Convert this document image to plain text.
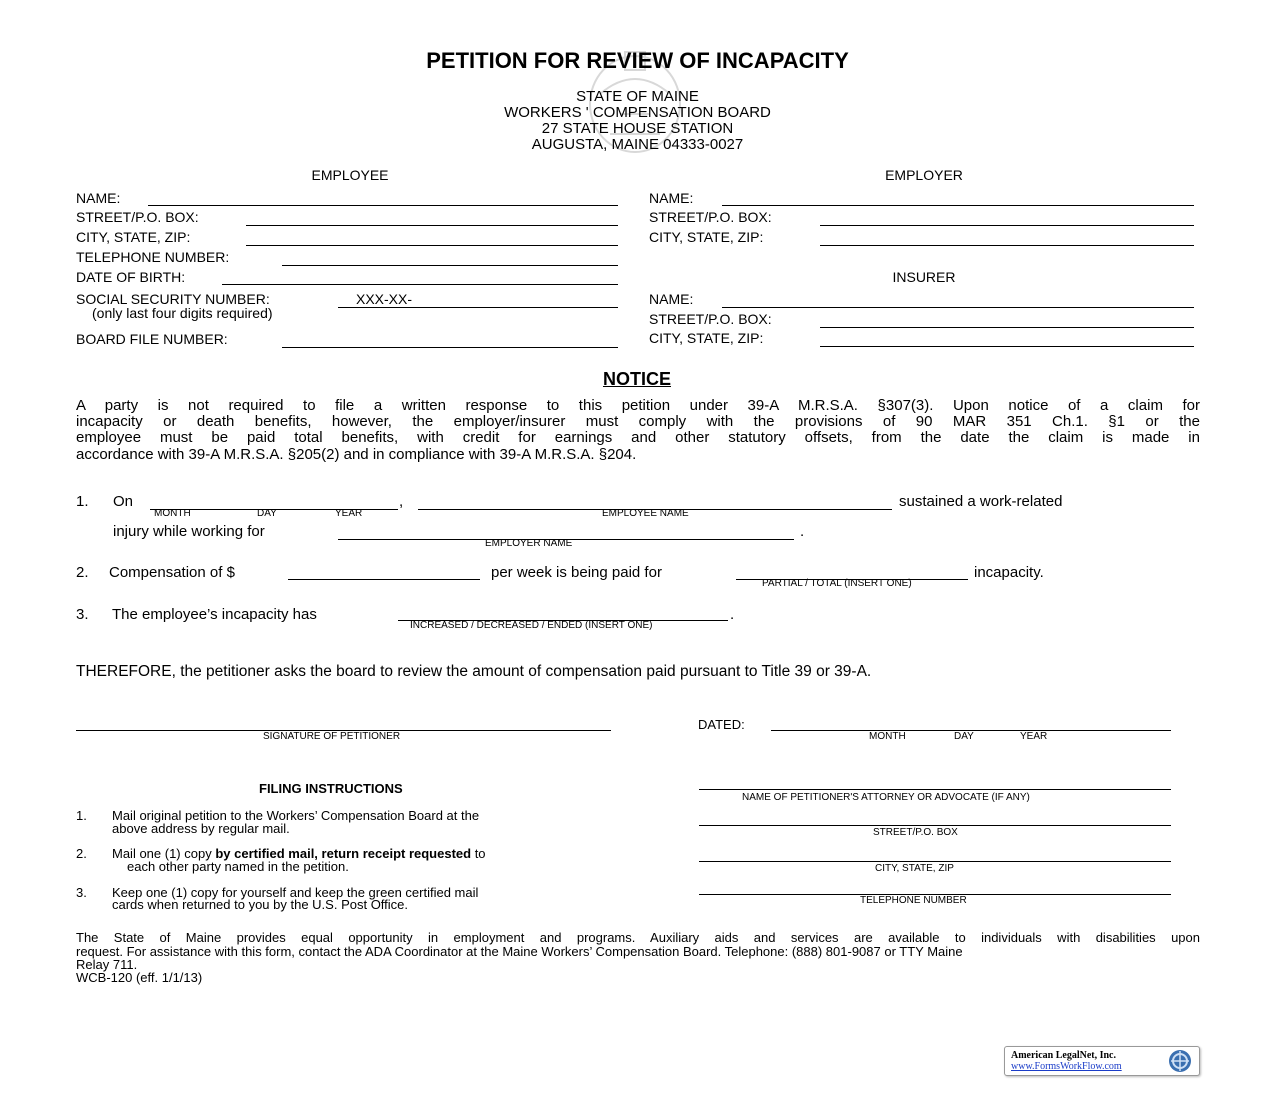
PETITION FOR REVIEW OF INCAPACITY
STATE OF MAINE
WORKERS ' COMPENSATION BOARD
27 STATE HOUSE STATION
AUGUSTA, MAINE 04333-0027
EMPLOYEE
NAME:
STREET/P.O. BOX:
CITY, STATE, ZIP:
TELEPHONE NUMBER:
DATE OF BIRTH:
SOCIAL SECURITY NUMBER:	XXX-XX-
(only last four digits required)
BOARD FILE NUMBER:
EMPLOYER
NAME:
STREET/P.O. BOX:
CITY, STATE, ZIP:
INSURER
NAME:
STREET/P.O. BOX:
CITY, STATE, ZIP:
NOTICE
A party is not required to file a written response to this petition under 39-A M.R.S.A. §307(3). Upon notice of a claim for
incapacity or death benefits, however, the employer/insurer must comply with the provisions of 90 MAR 351 Ch.1. §1 or the
employee must be paid total benefits, with credit for earnings and other statutory offsets, from the date the claim is made in
accordance with 39-A M.R.S.A. §205(2) and in compliance with 39-A M.R.S.A. §204.
1. On	,
MONTH	DAY	YEAR	EMPLOYEE NAME
sustained a work-related
injury while working for
EMPLOYER NAME
.
2. Compensation of $	per week is being paid for
PARTIAL / TOTAL (INSERT ONE)
incapacity.
3. The employee’s incapacity has
INCREASED / DECREASED / ENDED (INSERT ONE)
.
THEREFORE, the petitioner asks the board to review the amount of compensation paid pursuant to Title 39 or 39-A.
SIGNATURE OF PETITIONER
DATED:
MONTH	DAY	YEAR
FILING INSTRUCTIONS
1. Mail original petition to the Workers’ Compensation Board at the
above address by regular mail.
2. Mail one (1) copy by certified mail, return receipt requested to
each other party named in the petition.
3. Keep one (1) copy for yourself and keep the green certified mail
cards when returned to you by the U.S. Post Office.
NAME OF PETITIONER'S ATTORNEY OR ADVOCATE (IF ANY)
STREET/P.O. BOX
CITY, STATE, ZIP
TELEPHONE NUMBER
The State of Maine provides equal opportunity in employment and programs. Auxiliary aids and services are available to individuals with disabilities upon
request. For assistance with this form, contact the ADA Coordinator at the Maine Workers’ Compensation Board. Telephone: (888) 801-9087 or TTY Maine
Relay 711.
WCB-120 (eff. 1/1/13)
American LegalNet, Inc.
www.FormsWorkFlow.com
